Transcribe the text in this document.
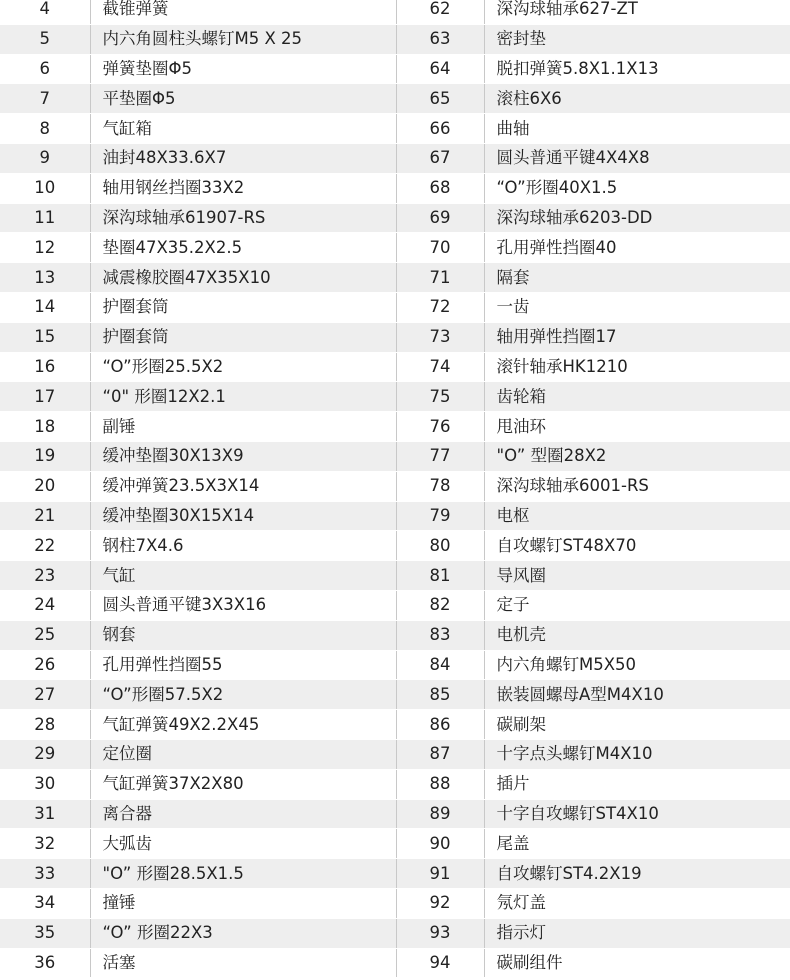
4	截锥弹簧	62	深沟球轴承627-ZT
5	内六角圆柱头螺钉M5 X 25	63	密封垫
6	弹簧垫圈Φ5	64	脱扣弹簧5.8X1.1X13
7	平垫圈Φ5	65	滚柱6X6
8	气缸箱	66	曲轴
9	油封48X33.6X7	67	圆头普通平键4X4X8
10	轴用钢丝挡圈33X2	68	“O”形圈40X1.5
11	深沟球轴承61907-RS	69	深沟球轴承6203-DD
12	垫圈47X35.2X2.5	70	孔用弹性挡圈40
13	减震橡胶圈47X35X10	71	隔套
14	护圈套筒	72	一齿
15	护圈套筒	73	轴用弹性挡圈17
16	“O”形圈25.5X2	74	滚针轴承HK1210
17	“0" 形圈12X2.1	75	齿轮箱
18	副锤	76	甩油环
19	缓冲垫圈30X13X9	77	"O” 型圈28X2
20	缓冲弹簧23.5X3X14	78	深沟球轴承6001-RS
21	缓冲垫圈30X15X14	79	电枢
22	钢柱7X4.6	80	自攻螺钉ST48X70
23	气缸	81	导风圈
24	圆头普通平键3X3X16	82	定子
25	钢套	83	电机壳
26	孔用弹性挡圈55	84	内六角螺钉M5X50
27	“O”形圈57.5X2	85	嵌装圆螺母A型M4X10
28	气缸弹簧49X2.2X45	86	碳刷架
29	定位圈	87	十字点头螺钉M4X10
30	气缸弹簧37X2X80	88	插片
31	离合器	89	十字自攻螺钉ST4X10
32	大弧齿	90	尾盖
33	"O” 形圈28.5X1.5	91	自攻螺钉ST4.2X19
34	撞锤	92	氖灯盖
35	“O” 形圈22X3	93	指示灯
36	活塞	94	碳刷组件
